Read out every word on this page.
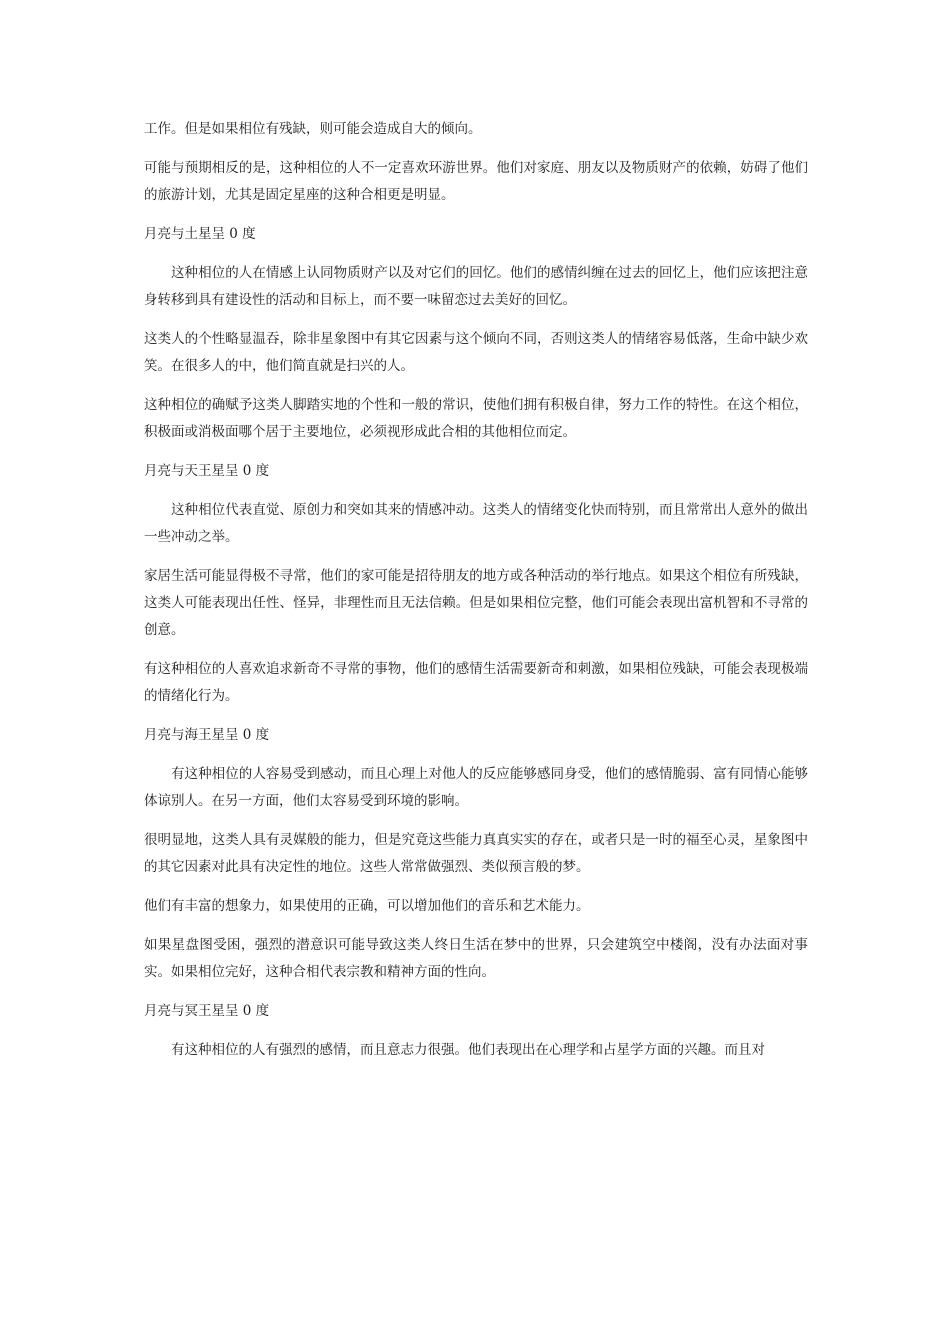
工作。但是如果相位有残缺，则可能会造成自大的倾向。

可能与预期相反的是，这种相位的人不一定喜欢环游世界。他们对家庭、朋友以及物质财产的依赖，妨碍了他们的旅游计划，尤其是固定星座的这种合相更是明显。

月亮与土星呈 0 度

这种相位的人在情感上认同物质财产以及对它们的回忆。他们的感情纠缠在过去的回忆上，他们应该把注意身转移到具有建设性的活动和目标上，而不要一味留恋过去美好的回忆。

这类人的个性略显温吞，除非星象图中有其它因素与这个倾向不同，否则这类人的情绪容易低落，生命中缺少欢笑。在很多人的中，他们简直就是扫兴的人。

这种相位的确赋予这类人脚踏实地的个性和一般的常识，使他们拥有积极自律，努力工作的特性。在这个相位，积极面或消极面哪个居于主要地位，必须视形成此合相的其他相位而定。

月亮与天王星呈 0 度

这种相位代表直觉、原创力和突如其来的情感冲动。这类人的情绪变化快而特别，而且常常出人意外的做出一些冲动之举。

家居生活可能显得极不寻常，他们的家可能是招待朋友的地方或各种活动的举行地点。如果这个相位有所残缺，这类人可能表现出任性、怪异，非理性而且无法信赖。但是如果相位完整，他们可能会表现出富机智和不寻常的创意。

有这种相位的人喜欢追求新奇不寻常的事物，他们的感情生活需要新奇和刺激，如果相位残缺，可能会表现极端的情绪化行为。

月亮与海王星呈 0 度

有这种相位的人容易受到感动，而且心理上对他人的反应能够感同身受，他们的感情脆弱、富有同情心能够体谅别人。在另一方面，他们太容易受到环境的影响。

很明显地，这类人具有灵媒般的能力，但是究竟这些能力真真实实的存在，或者只是一时的福至心灵，星象图中的其它因素对此具有决定性的地位。这些人常常做强烈、类似预言般的梦。

他们有丰富的想象力，如果使用的正确，可以增加他们的音乐和艺术能力。

如果星盘图受困，强烈的潜意识可能导致这类人终日生活在梦中的世界，只会建筑空中楼阁，没有办法面对事实。如果相位完好，这种合相代表宗教和精神方面的性向。

月亮与冥王星呈 0 度

有这种相位的人有强烈的感情，而且意志力很强。他们表现出在心理学和占星学方面的兴趣。而且对
